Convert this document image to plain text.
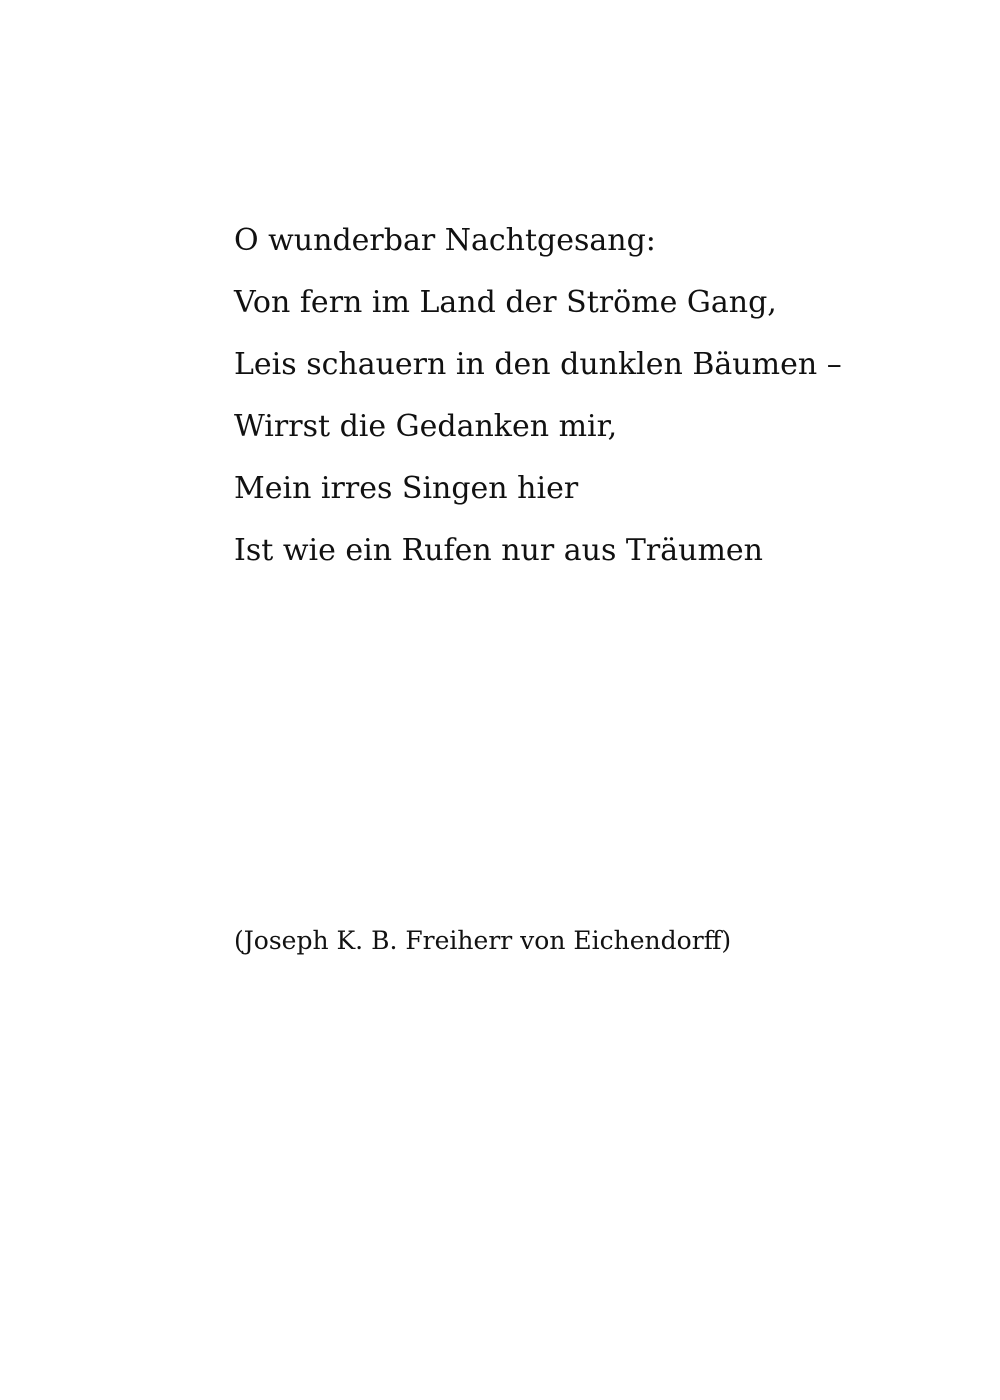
O wunderbar Nachtgesang:
Von fern im Land der Ströme Gang,
Leis schauern in den dunklen Bäumen –
Wirrst die Gedanken mir,
Mein irres Singen hier
Ist wie ein Rufen nur aus Träumen
(Joseph K. B. Freiherr von Eichendorff)
